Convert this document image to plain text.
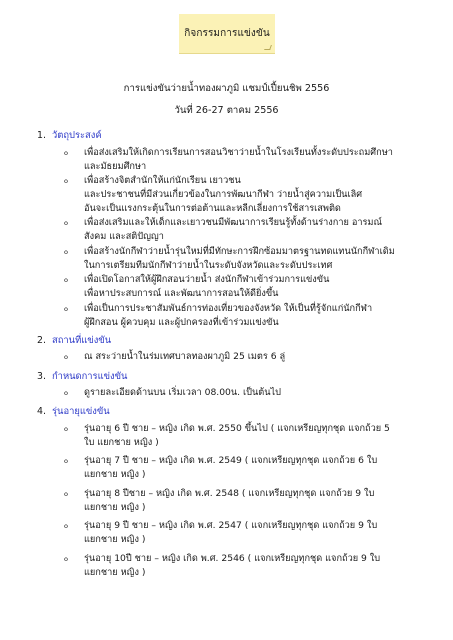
กิจกรรมการแข่งขัน
การแข่งขันว่ายน้ำทองผาภูมิ แชมป์เปี้ยนชิพ 2556
วันที่ 26-27 ตาคม 2556
1. วัตถุประสงค์
o เพื่อส่งเสริมให้เกิดการเรียนการสอนวิชาว่ายน้ำในโรงเรียนทั้งระดับประถมศึกษา
และมัธยมศึกษา
o เพื่อสร้างจิตสำนักให้แก่นักเรียน เยาวชน
และประชาชนที่มีส่วนเกี่ยวข้องในการพัฒนากีฬา ว่ายน้ำสู่ความเป็นเลิศ
อันจะเป็นแรงกระตุ้นในการต่อต้านและหลีกเลี่ยงการใช้สารเสพติด
o เพื่อส่งเสริมและให้เด็กและเยาวชนมีพัฒนาการเรียนรู้ทั้งด้านร่างกาย อารมณ์
สังคม และสติปัญญา
o เพื่อสร้างนักกีฬาว่ายน้ำรุ่นใหม่ที่มีทักษะการฝึกซ้อมมาตรฐานทดแทนนักกีฬาเดิม
ในการเตรียมทีมนักกีฬาว่ายน้ำในระดับจังหวัดและระดับประเทศ
o เพื่อเปิดโอกาสให้ผู้ฝึกสอนว่ายน้ำ ส่งนักกีฬาเข้าร่วมการแข่งขัน
เพื่อหาประสบการณ์ และพัฒนาการสอนให้ดียิ่งขึ้น
o เพื่อเป็นการประชาสัมพันธ์การท่องเที่ยวของจังหวัด ให้เป็นที่รู้จักแก่นักกีฬา
ผู้ฝึกสอน ผู้ควบคุม และผู้ปกครองที่เข้าร่วมแข่งขัน
2. สถานที่แข่งขัน
o ณ สระว่ายน้ำในร่มเทศบาลทองผาภูมิ 25 เมตร 6 ลู่
3. กำหนดการแข่งขัน
o ดูรายละเอียดด้านบน เริ่มเวลา 08.00น. เป็นต้นไป
4. รุ่นอายุแข่งขัน
o รุ่นอายุ 6 ปี ชาย – หญิง เกิด พ.ศ. 2550 ขึ้นไป ( แจกเหรียญทุกชุด แจกถ้วย 5
ใบ แยกชาย หญิง )
o รุ่นอายุ 7 ปี ชาย – หญิง เกิด พ.ศ. 2549 ( แจกเหรียญทุกชุด แจกถ้วย 6 ใบ
แยกชาย หญิง )
o รุ่นอายุ 8 ปีชาย – หญิง เกิด พ.ศ. 2548 ( แจกเหรียญทุกชุด แจกถ้วย 9 ใบ
แยกชาย หญิง )
o รุ่นอายุ 9 ปี ชาย – หญิง เกิด พ.ศ. 2547 ( แจกเหรียญทุกชุด แจกถ้วย 9 ใบ
แยกชาย หญิง )
o รุ่นอายุ 10ปี ชาย – หญิง เกิด พ.ศ. 2546 ( แจกเหรียญทุกชุด แจกถ้วย 9 ใบ
แยกชาย หญิง )
